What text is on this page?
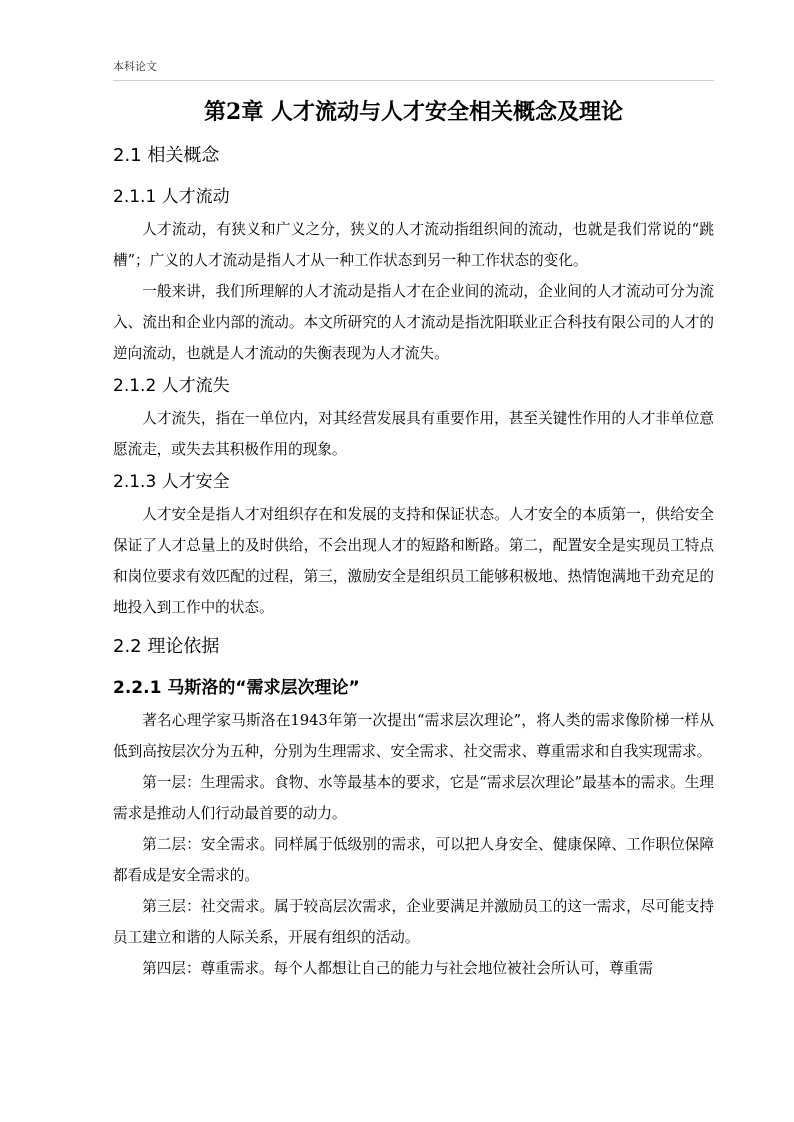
本科论文
第2章 人才流动与人才安全相关概念及理论
2.1 相关概念
2.1.1 人才流动

人才流动，有狭义和广义之分，狭义的人才流动指组织间的流动，也就是我们常说的“跳槽”；广义的人才流动是指人才从一种工作状态到另一种工作状态的变化。

一般来讲，我们所理解的人才流动是指人才在企业间的流动，企业间的人才流动可分为流入、流出和企业内部的流动。本文所研究的人才流动是指沈阳联业正合科技有限公司的人才的逆向流动，也就是人才流动的失衡表现为人才流失。

2.1.2 人才流失

人才流失，指在一单位内，对其经营发展具有重要作用，甚至关键性作用的人才非单位意愿流走，或失去其积极作用的现象。

2.1.3 人才安全

人才安全是指人才对组织存在和发展的支持和保证状态。人才安全的本质第一，供给安全保证了人才总量上的及时供给，不会出现人才的短路和断路。第二，配置安全是实现员工特点和岗位要求有效匹配的过程，第三，激励安全是组织员工能够积极地、热情饱满地干劲充足的地投入到工作中的状态。

2.2 理论依据
2.2.1 马斯洛的“需求层次理论”

著名心理学家马斯洛在1943年第一次提出“需求层次理论”，将人类的需求像阶梯一样从低到高按层次分为五种，分别为生理需求、安全需求、社交需求、尊重需求和自我实现需求。

第一层：生理需求。食物、水等最基本的要求，它是“需求层次理论”最基本的需求。生理需求是推动人们行动最首要的动力。

第二层：安全需求。同样属于低级别的需求，可以把人身安全、健康保障、工作职位保障都看成是安全需求的。

第三层：社交需求。属于较高层次需求，企业要满足并激励员工的这一需求，尽可能支持员工建立和谐的人际关系，开展有组织的活动。

第四层：尊重需求。每个人都想让自己的能力与社会地位被社会所认可，尊重需
